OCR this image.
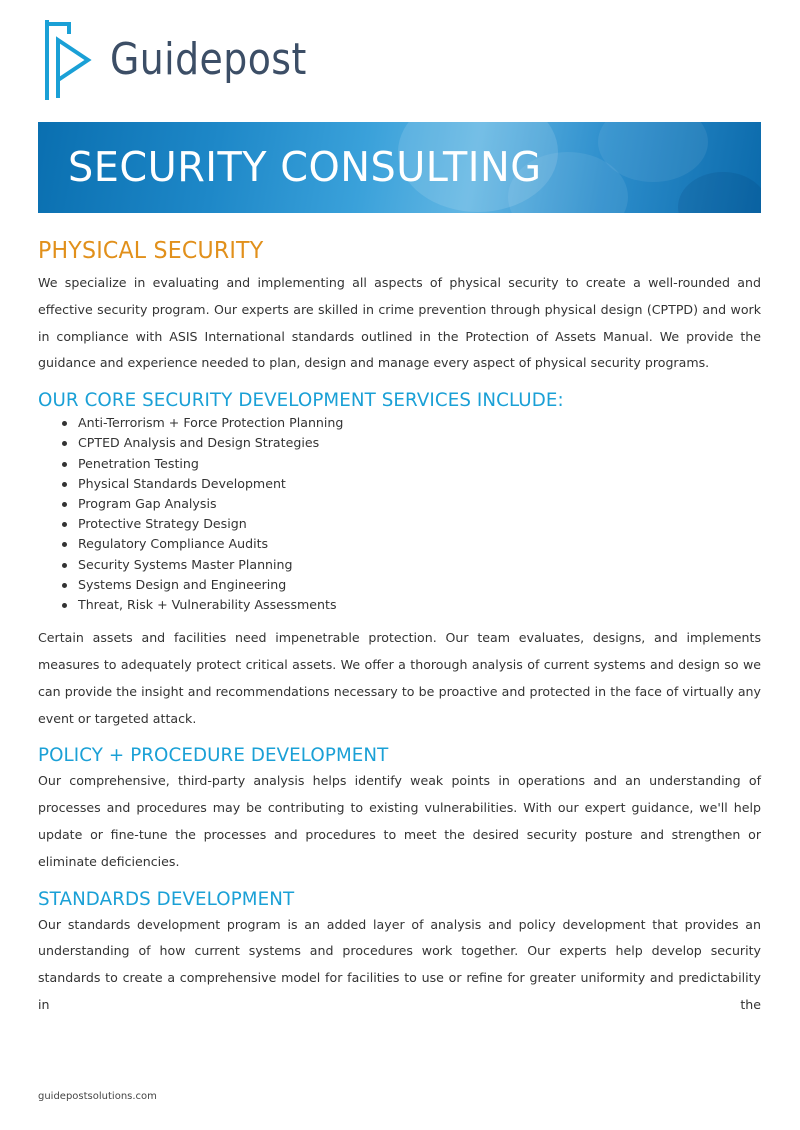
Guidepost
SECURITY CONSULTING
PHYSICAL SECURITY

We specialize in evaluating and implementing all aspects of physical security to create a well-rounded and effective security program. Our experts are skilled in crime prevention through physical design (CPTPD) and work in compliance with ASIS International standards outlined in the Protection of Assets Manual. We provide the guidance and experience needed to plan, design and manage every aspect of physical security programs.

OUR CORE SECURITY DEVELOPMENT SERVICES INCLUDE:
Anti-Terrorism + Force Protection Planning
CPTED Analysis and Design Strategies
Penetration Testing
Physical Standards Development
Program Gap Analysis
Protective Strategy Design
Regulatory Compliance Audits
Security Systems Master Planning
Systems Design and Engineering
Threat, Risk + Vulnerability Assessments

Certain assets and facilities need impenetrable protection. Our team evaluates, designs, and implements measures to adequately protect critical assets. We offer a thorough analysis of current systems and design so we can provide the insight and recommendations necessary to be proactive and protected in the face of virtually any event or targeted attack.

POLICY + PROCEDURE DEVELOPMENT

Our comprehensive, third-party analysis helps identify weak points in operations and an understanding of processes and procedures may be contributing to existing vulnerabilities. With our expert guidance, we'll help update or fine-tune the processes and procedures to meet the desired security posture and strengthen or eliminate deficiencies.

STANDARDS DEVELOPMENT

Our standards development program is an added layer of analysis and policy development that provides an understanding of how current systems and procedures work together. Our experts help develop security standards to create a comprehensive model for facilities to use or refine for greater uniformity and predictability in the

guidepostsolutions.com
